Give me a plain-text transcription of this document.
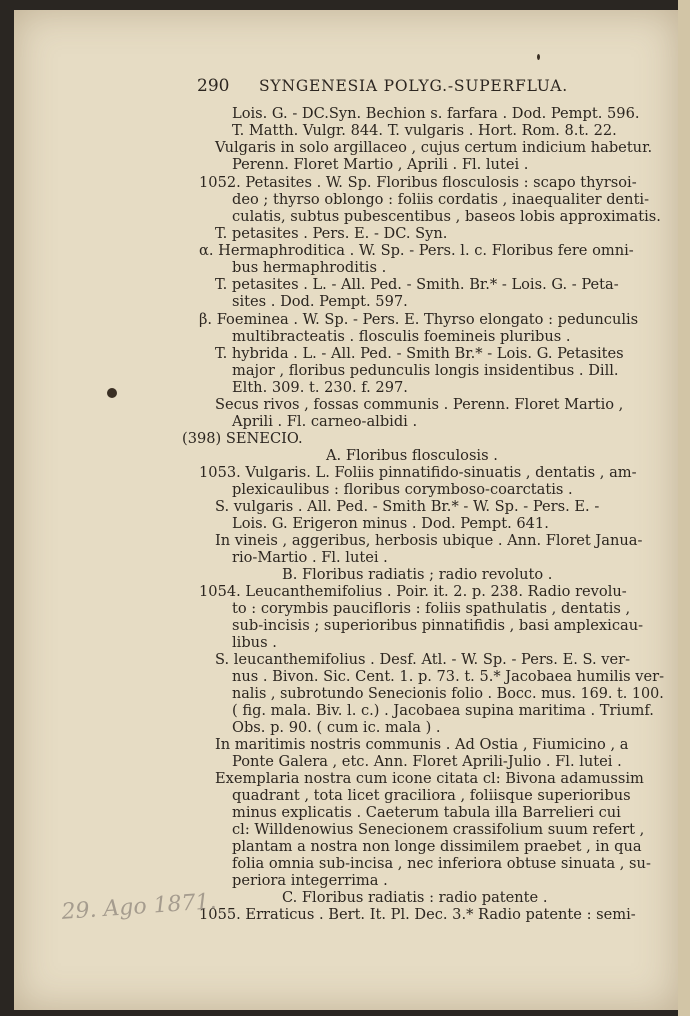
290 SYNGENESIA POLYG.-SUPERFLUA.
Lois. G. - DC.Syn. Bechion s. farfara . Dod. Pempt. 596.
T. Matth. Vulgr. 844. T. vulgaris . Hort. Rom. 8.t. 22.
Vulgaris in solo argillaceo , cujus certum indicium habetur.
Perenn. Floret Martio , Aprili . Fl. lutei .
1052. Petasites . W. Sp. Floribus flosculosis : scapo thyrsoi-
deo ; thyrso oblongo : foliis cordatis , inaequaliter denti-
culatis, subtus pubescentibus , baseos lobis approximatis.
T. petasites . Pers. E. - DC. Syn.
α. Hermaphroditica . W. Sp. - Pers. l. c. Floribus fere omni-
bus hermaphroditis .
T. petasites . L. - All. Ped. - Smith. Br.* - Lois. G. - Peta-
sites . Dod. Pempt. 597.
β. Foeminea . W. Sp. - Pers. E. Thyrso elongato : pedunculis
multibracteatis . flosculis foemineis pluribus .
T. hybrida . L. - All. Ped. - Smith Br.* - Lois. G. Petasites
major , floribus pedunculis longis insidentibus . Dill.
Elth. 309. t. 230. f. 297.
Secus rivos , fossas communis . Perenn. Floret Martio ,
Aprili . Fl. carneo-albidi .
(398) SENECIO.
A. Floribus flosculosis .
1053. Vulgaris. L. Foliis pinnatifido-sinuatis , dentatis , am-
plexicaulibus : floribus corymboso-coarctatis .
S. vulgaris . All. Ped. - Smith Br.* - W. Sp. - Pers. E. -
Lois. G. Erigeron minus . Dod. Pempt. 641.
In vineis , aggeribus, herbosis ubique . Ann. Floret Janua-
rio-Martio . Fl. lutei .
B. Floribus radiatis ; radio revoluto .
1054. Leucanthemifolius . Poir. it. 2. p. 238. Radio revolu-
to : corymbis paucifloris : foliis spathulatis , dentatis ,
sub-incisis ; superioribus pinnatifidis , basi amplexicau-
libus .
S. leucanthemifolius . Desf. Atl. - W. Sp. - Pers. E. S. ver-
nus . Bivon. Sic. Cent. 1. p. 73. t. 5.* Jacobaea humilis ver-
nalis , subrotundo Senecionis folio . Bocc. mus. 169. t. 100.
( fig. mala. Biv. l. c.) . Jacobaea supina maritima . Triumf.
Obs. p. 90. ( cum ic. mala ) .
In maritimis nostris communis . Ad Ostia , Fiumicino , a
Ponte Galera , etc. Ann. Floret Aprili-Julio . Fl. lutei .
Exemplaria nostra cum icone citata cl: Bivona adamussim
quadrant , tota licet graciliora , foliisque superioribus
minus explicatis . Caeterum tabula illa Barrelieri cui
cl: Willdenowius Senecionem crassifolium suum refert ,
plantam a nostra non longe dissimilem praebet , in qua
folia omnia sub-incisa , nec inferiora obtuse sinuata , su-
periora integerrima .
C. Floribus radiatis : radio patente .
1055. Erraticus . Bert. It. Pl. Dec. 3.* Radio patente : semi-
29. Ago 1871.
